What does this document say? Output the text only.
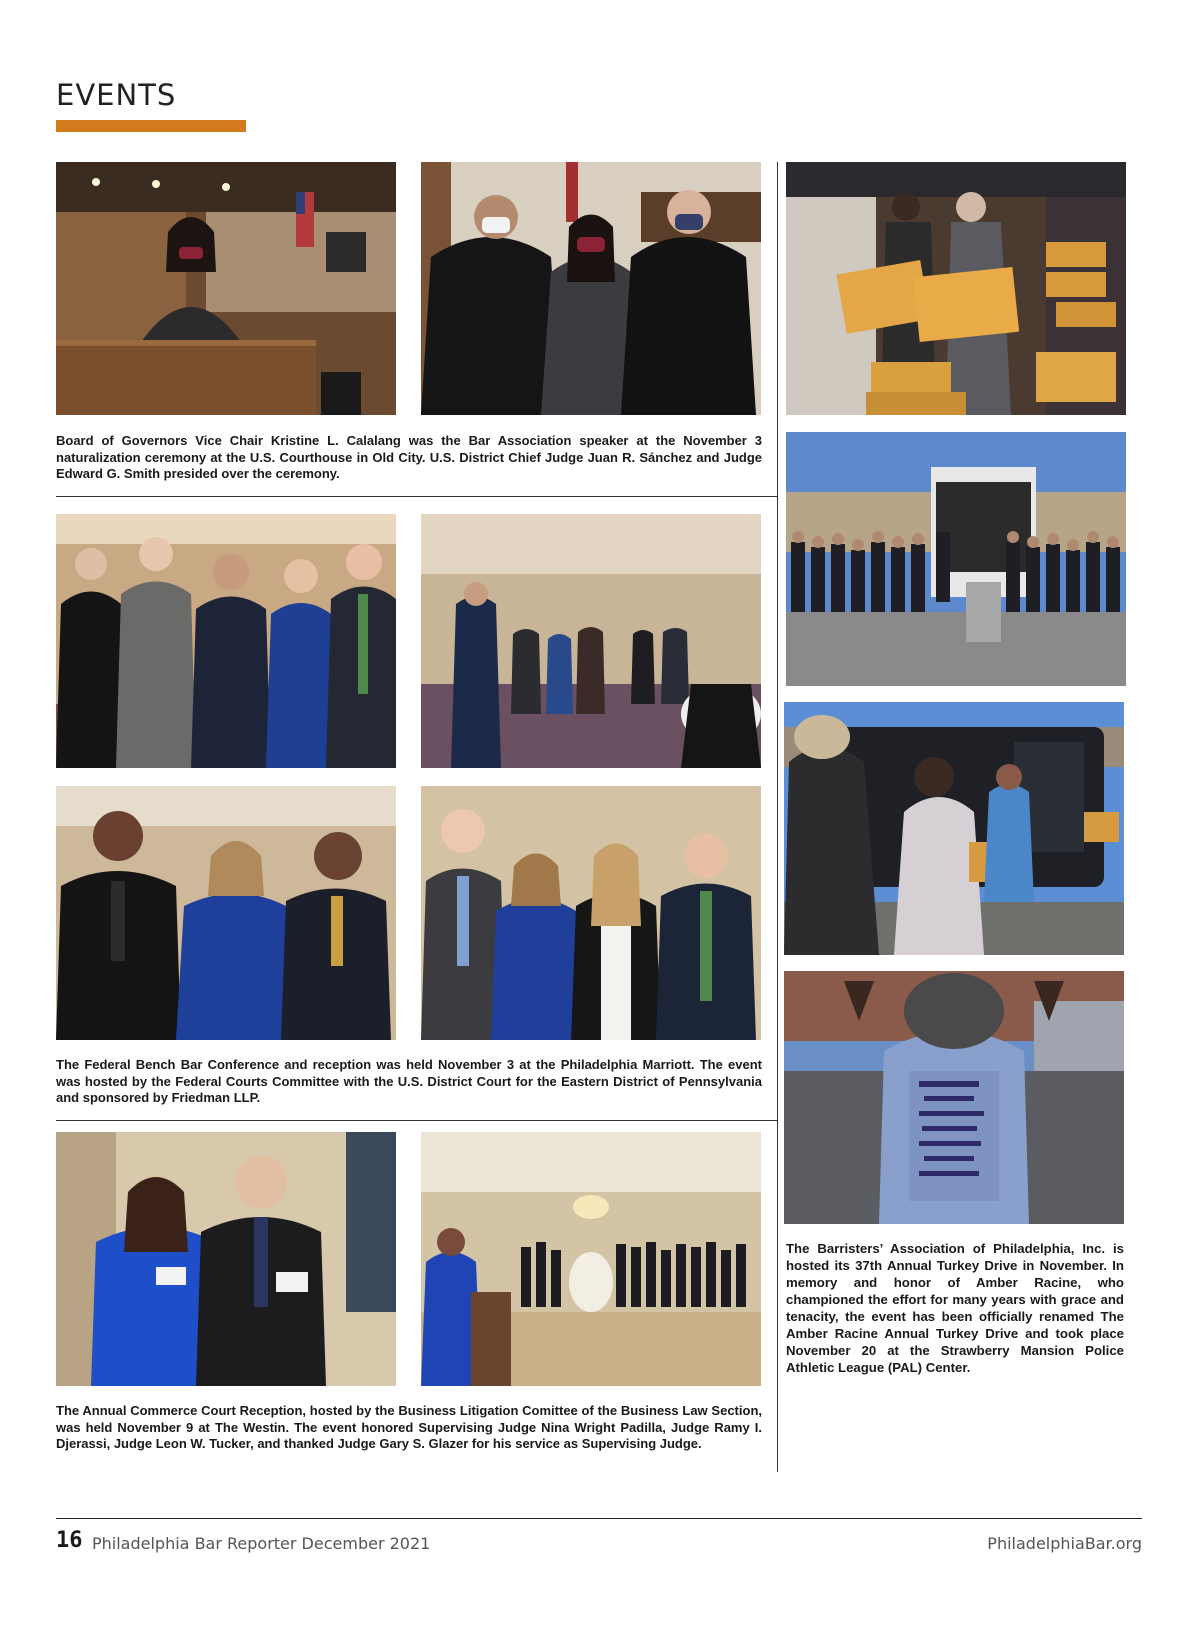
EVENTS

Board of Governors Vice Chair Kristine L. Calalang was the Bar Association speaker at the November 3 naturalization ceremony at the U.S. Courthouse in Old City. U.S. District Chief Judge Juan R. Sánchez and Judge Edward G. Smith presided over the ceremony.

The Federal Bench Bar Conference and reception was held November 3 at the Philadelphia Marriott. The event was hosted by the Federal Courts Committee with the U.S. District Court for the Eastern District of Pennsylvania and sponsored by Friedman LLP.

The Annual Commerce Court Reception, hosted by the Business Litigation Comittee of the Business Law Section, was held November 9 at The Westin. The event honored Supervising Judge Nina Wright Padilla, Judge Ramy I. Djerassi, Judge Leon W. Tucker, and thanked Judge Gary S. Glazer for his service as Supervising Judge.

The Barristers’ Association of Philadelphia, Inc. is hosted its 37th Annual Turkey Drive in November. In memory and honor of Amber Racine, who championed the effort for many years with grace and tenacity, the event has been officially renamed The Amber Racine Annual Turkey Drive and took place November 20 at the Strawberry Mansion Police Athletic League (PAL) Center.

16 Philadelphia Bar Reporter December 2021	PhiladelphiaBar.org
